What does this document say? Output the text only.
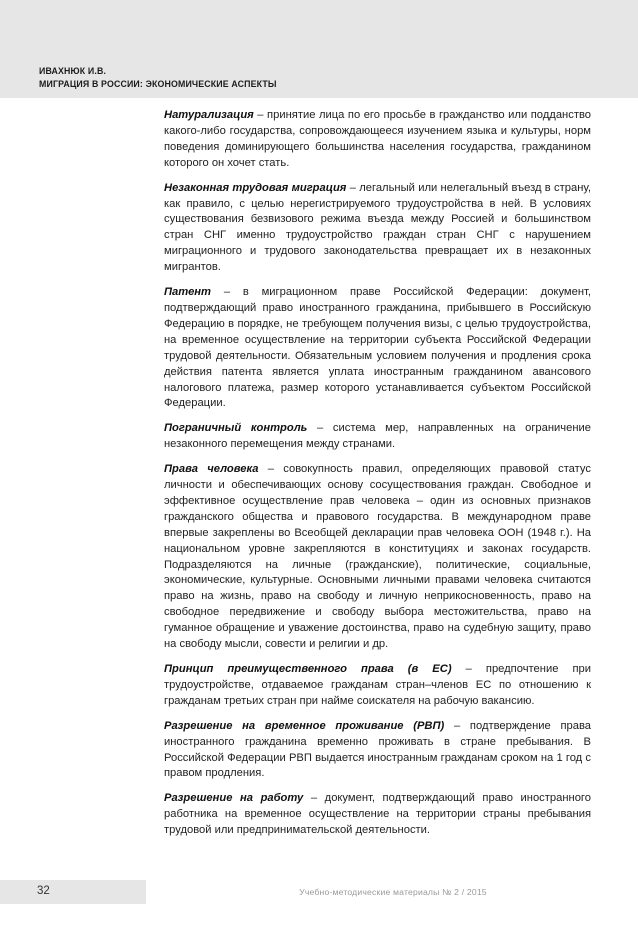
ИВАХНЮК И.В.
МИГРАЦИЯ В РОССИИ: ЭКОНОМИЧЕСКИЕ АСПЕКТЫ

Натурализация – принятие лица по его просьбе в гражданство или подданство какого-либо государства, сопровождающееся изучением языка и культуры, норм поведения доминирующего большинства населения государства, гражданином которого он хочет стать.

Незаконная трудовая миграция – легальный или нелегальный въезд в страну, как правило, с целью нерегистрируемого трудоустройства в ней. В условиях существования безвизового режима въезда между Россией и большинством стран СНГ именно трудоустройство граждан стран СНГ с нарушением миграционного и трудового законодательства превращает их в незаконных мигрантов.

Патент – в миграционном праве Российской Федерации: документ, подтверждающий право иностранного гражданина, прибывшего в Российскую Федерацию в порядке, не требующем получения визы, с целью трудоустройства, на временное осуществление на территории субъекта Российской Федерации трудовой деятельности. Обязательным условием получения и продления срока действия патента является уплата иностранным гражданином авансового налогового платежа, размер которого устанавливается субъектом Российской Федерации.

Пограничный контроль – система мер, направленных на ограничение незаконного перемещения между странами.

Права человека – совокупность правил, определяющих правовой статус личности и обеспечивающих основу сосуществования граждан. Свободное и эффективное осуществление прав человека – один из основных признаков гражданского общества и правового государства. В международном праве впервые закреплены во Всеобщей декларации прав человека ООН (1948 г.). На национальном уровне закрепляются в конституциях и законах государств. Подразделяются на личные (гражданские), политические, социальные, экономические, культурные. Основными личными правами человека считаются право на жизнь, право на свободу и личную неприкосновенность, право на свободное передвижение и свободу выбора местожительства, право на гуманное обращение и уважение достоинства, право на судебную защиту, право на свободу мысли, совести и религии и др.

Принцип преимущественного права (в ЕС) – предпочтение при трудоустройстве, отдаваемое гражданам стран–членов ЕС по отношению к гражданам третьих стран при найме соискателя на рабочую вакансию.

Разрешение на временное проживание (РВП) – подтверждение права иностранного гражданина временно проживать в стране пребывания. В Российской Федерации РВП выдается иностранным гражданам сроком на 1 год с правом продления.

Разрешение на работу – документ, подтверждающий право иностранного работника на временное осуществление на территории страны пребывания трудовой или предпринимательской деятельности.

32	Учебно-методические материалы № 2 / 2015
